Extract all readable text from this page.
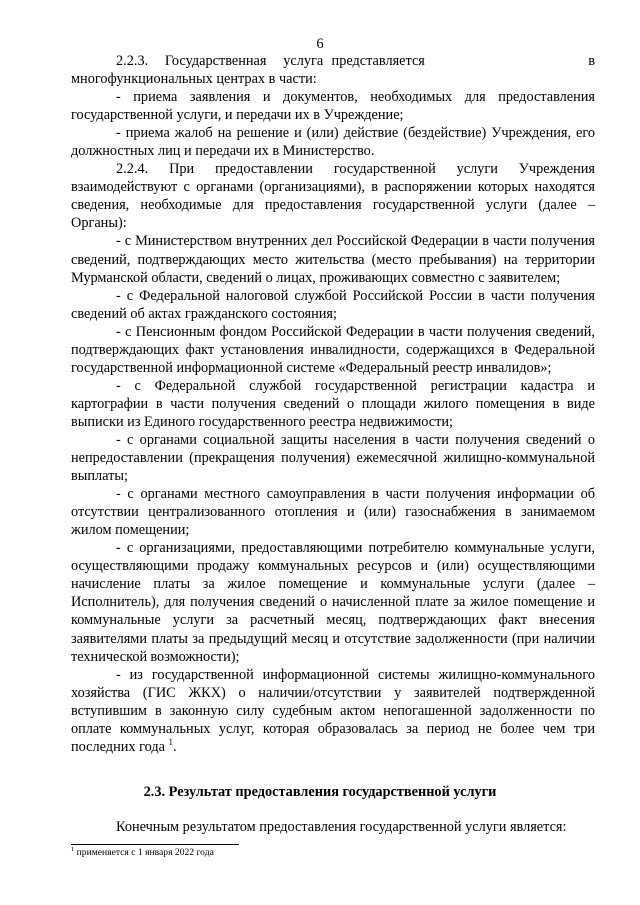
6

2.2.3.    Государственная    услуга  представляется                                       в многофункциональных центрах в части:

- приема заявления и документов, необходимых для предоставления государственной услуги, и передачи их в Учреждение;

- приема жалоб на решение и (или) действие (бездействие) Учреждения, его должностных лиц и передачи их в Министерство.

2.2.4. При предоставлении государственной услуги Учреждения взаимодействуют с органами (организациями), в распоряжении которых находятся сведения, необходимые для предоставления государственной услуги (далее – Органы):

- с Министерством внутренних дел Российской Федерации в части получения сведений, подтверждающих место жительства (место пребывания) на территории Мурманской области, сведений о лицах, проживающих совместно с заявителем;

- с Федеральной налоговой службой Российской России в части получения сведений об актах гражданского состояния;

- с Пенсионным фондом Российской Федерации в части получения сведений, подтверждающих факт установления инвалидности, содержащихся в Федеральной государственной информационной системе «Федеральный реестр инвалидов»;

- с Федеральной службой государственной регистрации кадастра и картографии в части получения сведений о площади жилого помещения в виде выписки из Единого государственного реестра недвижимости;

- с органами социальной защиты населения в части получения сведений о непредоставлении (прекращения получения) ежемесячной жилищно-коммунальной выплаты;

- с органами местного самоуправления в части получения информации об отсутствии централизованного отопления и (или) газоснабжения в занимаемом жилом помещении;

- с организациями, предоставляющими потребителю коммунальные услуги, осуществляющими продажу коммунальных ресурсов и (или) осуществляющими начисление платы за жилое помещение и коммунальные услуги (далее – Исполнитель), для получения сведений о начисленной плате за жилое помещение и коммунальные услуги за расчетный месяц, подтверждающих факт внесения заявителями платы за предыдущий месяц и отсутствие задолженности (при наличии технической возможности);

- из государственной информационной системы жилищно-коммунального хозяйства (ГИС ЖКХ) о наличии/отсутствии у заявителей подтвержденной вступившим в законную силу судебным актом непогашенной задолженности по оплате коммунальных услуг, которая образовалась за период не более чем три последних года $^1$.

2.3. Результат предоставления государственной услуги
Конечным результатом предоставления государственной услуги является:
$^1$ применяется с 1 января 2022 года
